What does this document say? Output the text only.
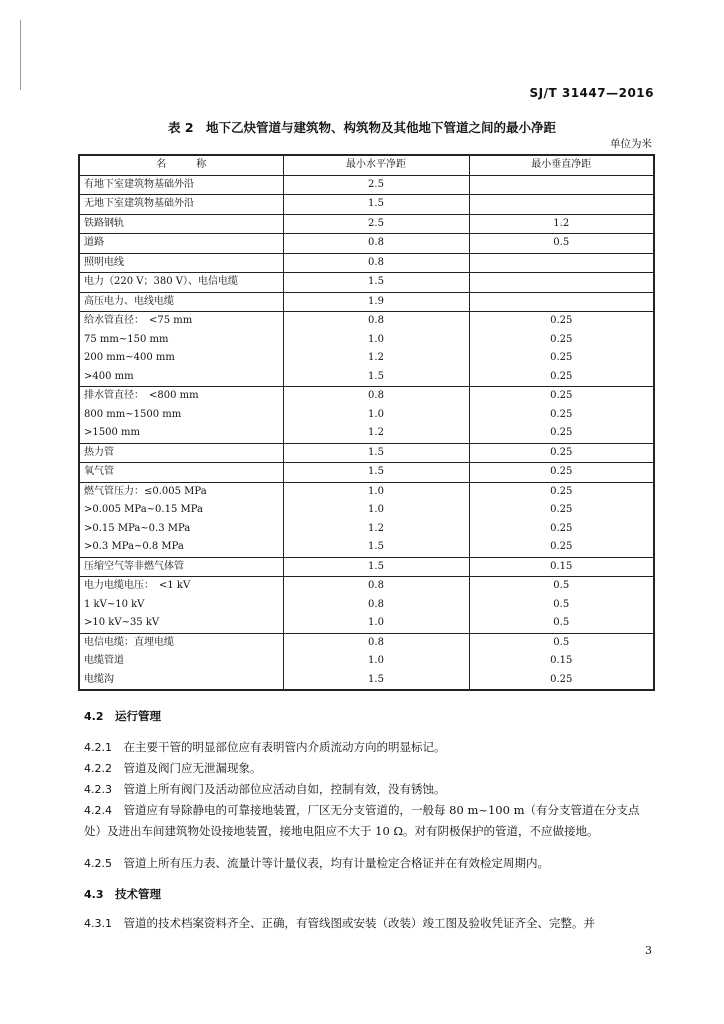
SJ/T 31447—2016
表 2　地下乙炔管道与建筑物、构筑物及其他地下管道之间的最小净距
单位为米
名　　　称	最小水平净距	最小垂直净距
有地下室建筑物基础外沿	2.5	
无地下室建筑物基础外沿	1.5	
铁路钢轨	2.5	1.2
道路	0.8	0.5
照明电线	0.8	
电力（220 V；380 V）、电信电缆	1.5	
高压电力、电线电缆	1.9	
给水管直径：　<75 mm	0.8	0.25
75 mm~150 mm	1.0	0.25
200 mm~400 mm	1.2	0.25
>400 mm	1.5	0.25
排水管直径：　<800 mm	0.8	0.25
800 mm~1500 mm	1.0	0.25
>1500 mm	1.2	0.25
热力管	1.5	0.25
氧气管	1.5	0.25
燃气管压力：≤0.005 MPa	1.0	0.25
>0.005 MPa~0.15 MPa	1.0	0.25
>0.15 MPa~0.3 MPa	1.2	0.25
>0.3 MPa~0.8 MPa	1.5	0.25
压缩空气等非燃气体管	1.5	0.15
电力电缆电压：　<1 kV	0.8	0.5
1 kV~10 kV	0.8	0.5
>10 kV~35 kV	1.0	0.5
电信电缆：直埋电缆	0.8	0.5
电缆管道	1.0	0.15
电缆沟	1.5	0.25
4.2　 运行管理
4.2.1　 在主要干管的明显部位应有表明管内介质流动方向的明显标记。
4.2.2　 管道及阀门应无泄漏现象。
4.2.3　 管道上所有阀门及活动部位应活动自如，控制有效，没有锈蚀。
4.2.4　 管道应有导除静电的可靠接地装置，厂区无分支管道的，一般每 80 m~100 m（有分支管道在分支点处）及进出车间建筑物处设接地装置，接地电阻应不大于 10 Ω。对有阴极保护的管道，不应做接地。
4.2.5　 管道上所有压力表、流量计等计量仪表，均有计量检定合格证并在有效检定周期内。
4.3　 技术管理
4.3.1　 管道的技术档案资料齐全、正确，有管线图或安装（改装）竣工图及验收凭证齐全、完整。并
3
